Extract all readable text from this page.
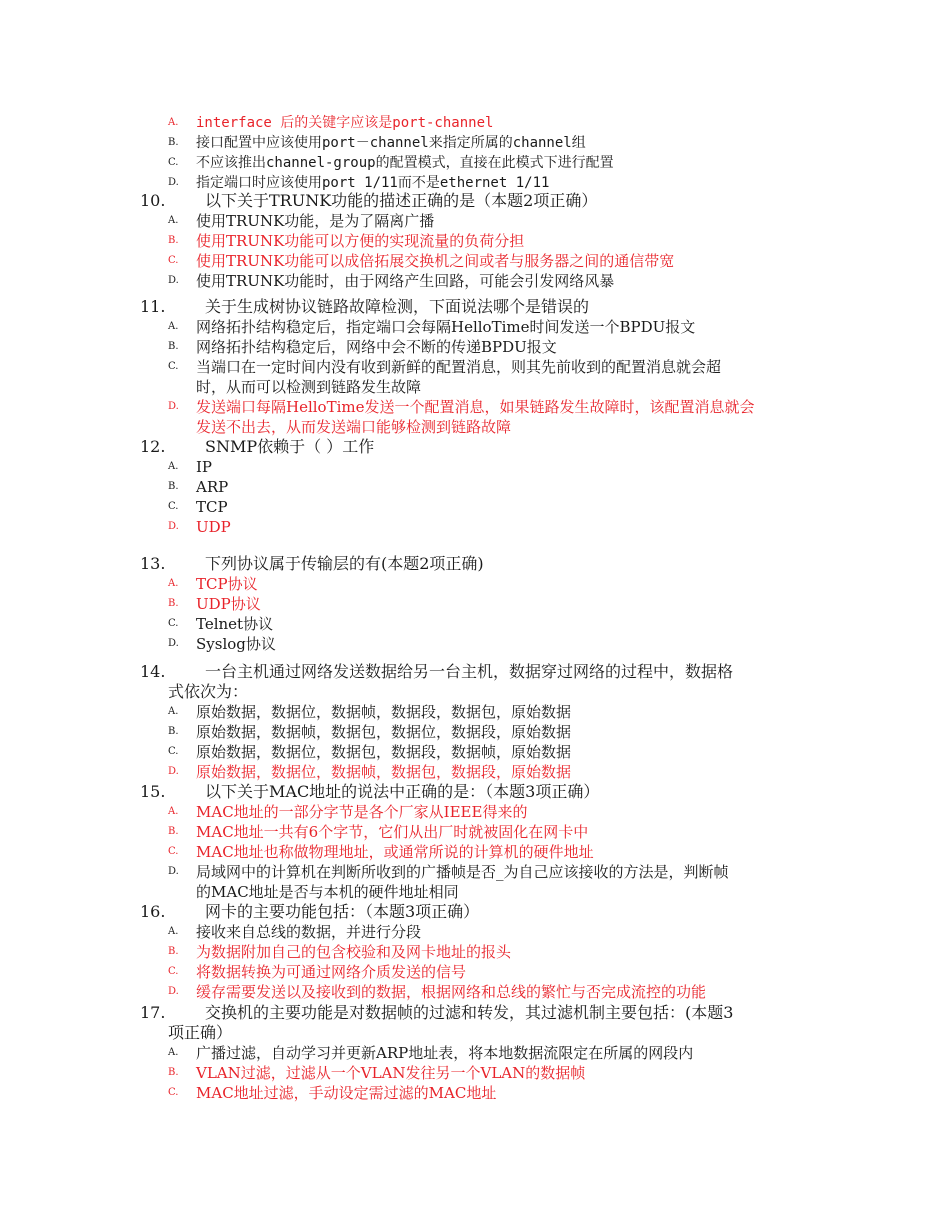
A. interface 后的关键字应该是port-channel
B. 接口配置中应该使用port－channel来指定所属的channel组
C. 不应该推出channel-group的配置模式，直接在此模式下进行配置
D. 指定端口时应该使用port 1/11而不是ethernet 1/11
10. 以下关于TRUNK功能的描述正确的是（本题2项正确）
A. 使用TRUNK功能，是为了隔离广播
B. 使用TRUNK功能可以方便的实现流量的负荷分担
C. 使用TRUNK功能可以成倍拓展交换机之间或者与服务器之间的通信带宽
D. 使用TRUNK功能时，由于网络产生回路，可能会引发网络风暴
11. 关于生成树协议链路故障检测，下面说法哪个是错误的
A. 网络拓扑结构稳定后，指定端口会每隔HelloTime时间发送一个BPDU报文
B. 网络拓扑结构稳定后，网络中会不断的传递BPDU报文
C. 当端口在一定时间内没有收到新鲜的配置消息，则其先前收到的配置消息就会超
时，从而可以检测到链路发生故障
D. 发送端口每隔HelloTime发送一个配置消息，如果链路发生故障时，该配置消息就会
发送不出去，从而发送端口能够检测到链路故障
12. SNMP依赖于（ ）工作
A. IP
B. ARP
C. TCP
D. UDP
13. 下列协议属于传输层的有(本题2项正确)
A. TCP协议
B. UDP协议
C. Telnet协议
D. Syslog协议
14. 一台主机通过网络发送数据给另一台主机，数据穿过网络的过程中，数据格
式依次为：
A. 原始数据，数据位，数据帧，数据段，数据包，原始数据
B. 原始数据，数据帧，数据包，数据位，数据段，原始数据
C. 原始数据，数据位，数据包，数据段，数据帧，原始数据
D. 原始数据，数据位，数据帧，数据包，数据段，原始数据
15. 以下关于MAC地址的说法中正确的是：（本题3项正确）
A. MAC地址的一部分字节是各个厂家从IEEE得来的
B. MAC地址一共有6个字节，它们从出厂时就被固化在网卡中
C. MAC地址也称做物理地址，或通常所说的计算机的硬件地址
D. 局域网中的计算机在判断所收到的广播帧是否_为自己应该接收的方法是，判断帧
的MAC地址是否与本机的硬件地址相同
16. 网卡的主要功能包括：（本题3项正确）
A. 接收来自总线的数据，并进行分段
B. 为数据附加自己的包含校验和及网卡地址的报头
C. 将数据转换为可通过网络介质发送的信号
D. 缓存需要发送以及接收到的数据，根据网络和总线的繁忙与否完成流控的功能
17. 交换机的主要功能是对数据帧的过滤和转发，其过滤机制主要包括：(本题3
项正确）
A. 广播过滤，自动学习并更新ARP地址表，将本地数据流限定在所属的网段内
B. VLAN过滤，过滤从一个VLAN发往另一个VLAN的数据帧
C. MAC地址过滤，手动设定需过滤的MAC地址
